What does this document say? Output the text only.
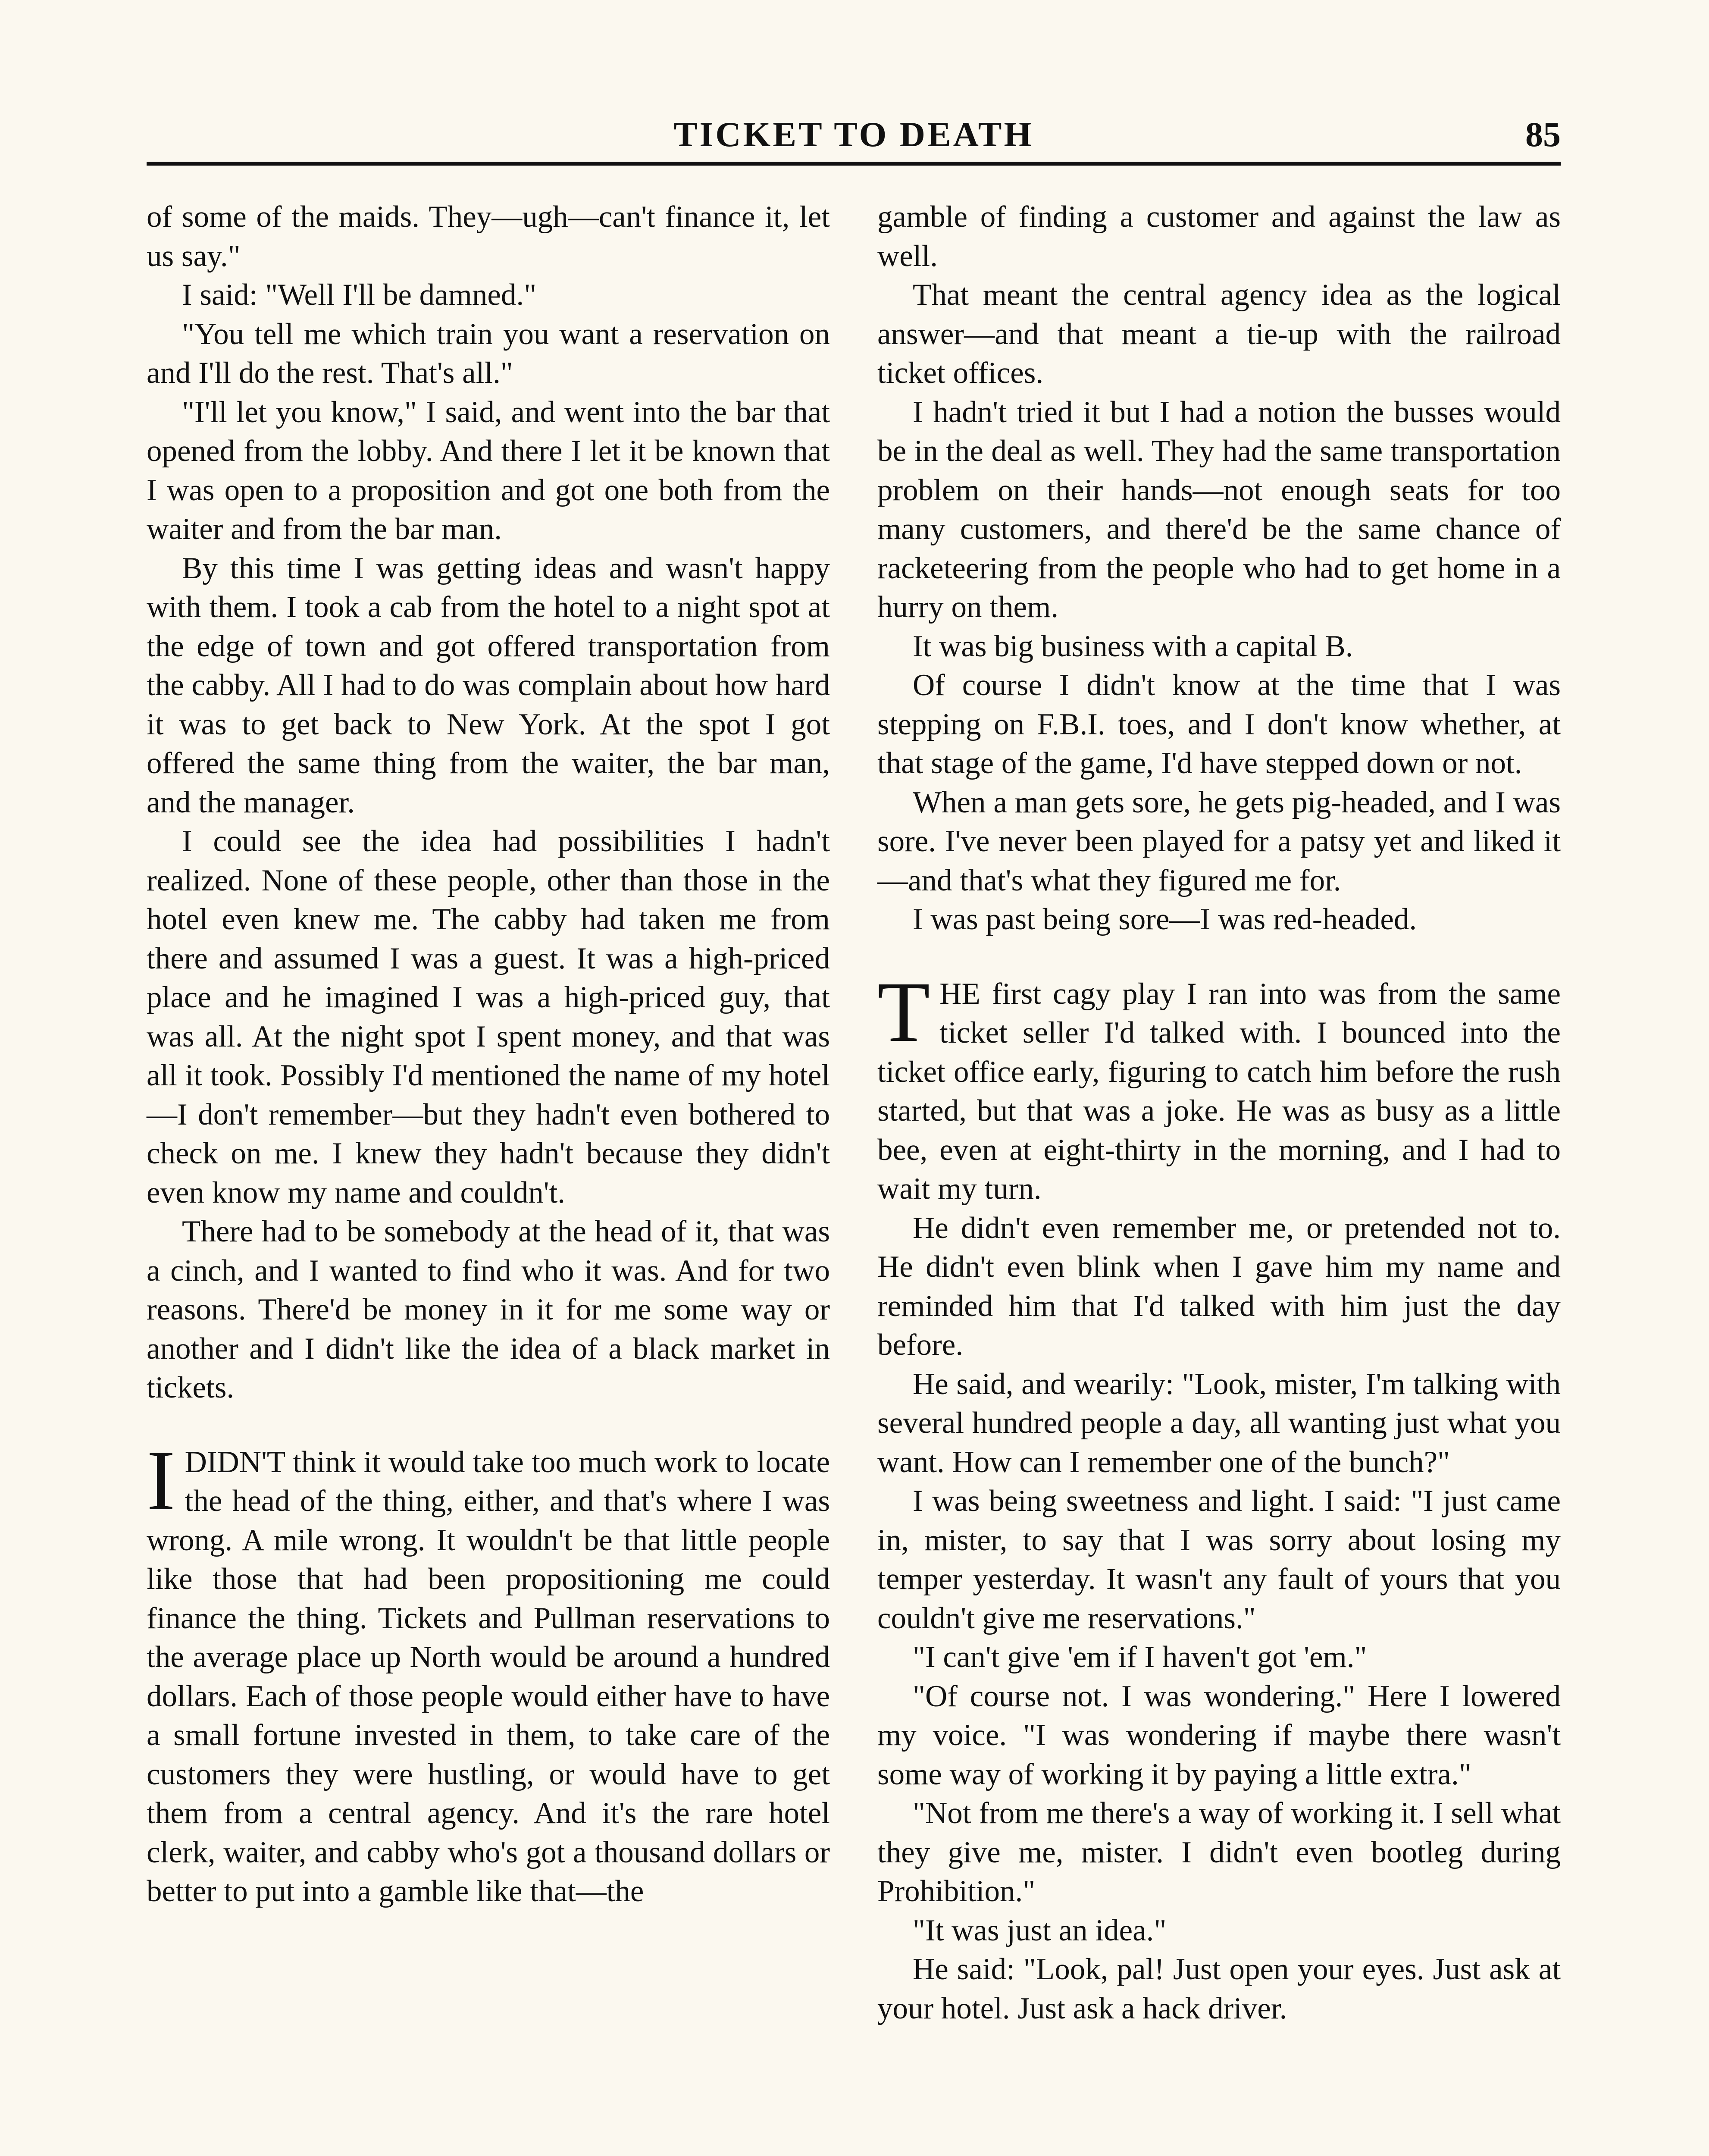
TICKET TO DEATH	85

of some of the maids. They—ugh—can't finance it, let us say."

I said: "Well I'll be damned."

"You tell me which train you want a reservation on and I'll do the rest. That's all."

"I'll let you know," I said, and went into the bar that opened from the lobby. And there I let it be known that I was open to a proposition and got one both from the waiter and from the bar man.

By this time I was getting ideas and wasn't happy with them. I took a cab from the hotel to a night spot at the edge of town and got offered transportation from the cabby. All I had to do was complain about how hard it was to get back to New York. At the spot I got offered the same thing from the waiter, the bar man, and the manager.

I could see the idea had possibilities I hadn't realized. None of these people, other than those in the hotel even knew me. The cabby had taken me from there and assumed I was a guest. It was a high-priced place and he imagined I was a high-priced guy, that was all. At the night spot I spent money, and that was all it took. Possibly I'd mentioned the name of my hotel—I don't remember—but they hadn't even bothered to check on me. I knew they hadn't because they didn't even know my name and couldn't.

There had to be somebody at the head of it, that was a cinch, and I wanted to find who it was. And for two reasons. There'd be money in it for me some way or another and I didn't like the idea of a black market in tickets.

IDIDN'T think it would take too much work to locate the head of the thing, either, and that's where I was wrong. A mile wrong. It wouldn't be that little people like those that had been propositioning me could finance the thing. Tickets and Pullman reservations to the average place up North would be around a hundred dollars. Each of those people would either have to have a small fortune invested in them, to take care of the customers they were hustling, or would have to get them from a central agency. And it's the rare hotel clerk, waiter, and cabby who's got a thousand dollars or better to put into a gamble like that—the

gamble of finding a customer and against the law as well.

That meant the central agency idea as the logical answer—and that meant a tie-up with the railroad ticket offices.

I hadn't tried it but I had a notion the busses would be in the deal as well. They had the same transportation problem on their hands—not enough seats for too many customers, and there'd be the same chance of racketeering from the people who had to get home in a hurry on them.

It was big business with a capital B.

Of course I didn't know at the time that I was stepping on F.B.I. toes, and I don't know whether, at that stage of the game, I'd have stepped down or not.

When a man gets sore, he gets pig-headed, and I was sore. I've never been played for a patsy yet and liked it—and that's what they figured me for.

I was past being sore—I was red-headed.

THE first cagy play I ran into was from the same ticket seller I'd talked with. I bounced into the ticket office early, figuring to catch him before the rush started, but that was a joke. He was as busy as a little bee, even at eight-thirty in the morning, and I had to wait my turn.

He didn't even remember me, or pretended not to. He didn't even blink when I gave him my name and reminded him that I'd talked with him just the day before.

He said, and wearily: "Look, mister, I'm talking with several hundred people a day, all wanting just what you want. How can I remember one of the bunch?"

I was being sweetness and light. I said: "I just came in, mister, to say that I was sorry about losing my temper yesterday. It wasn't any fault of yours that you couldn't give me reservations."

"I can't give 'em if I haven't got 'em."

"Of course not. I was wondering." Here I lowered my voice. "I was wondering if maybe there wasn't some way of working it by paying a little extra."

"Not from me there's a way of working it. I sell what they give me, mister. I didn't even bootleg during Prohibition."

"It was just an idea."

He said: "Look, pal! Just open your eyes. Just ask at your hotel. Just ask a hack driver.
